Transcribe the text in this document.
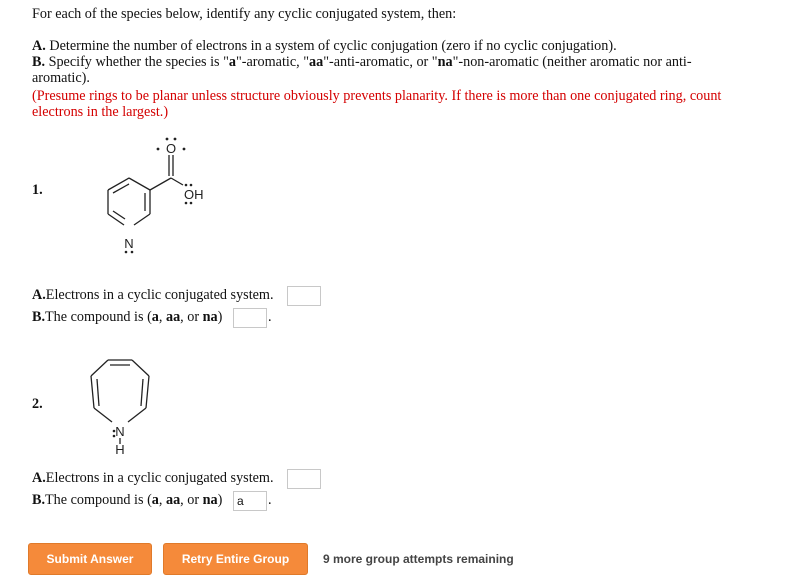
For each of the species below, identify any cyclic conjugated system, then:
A. Determine the number of electrons in a system of cyclic conjugation (zero if no cyclic conjugation).
B. Specify whether the species is "a"-aromatic, "aa"-anti-aromatic, or "na"-non-aromatic (neither aromatic nor anti-
aromatic).
(Presume rings to be planar unless structure obviously prevents planarity. If there is more than one conjugated ring, count
electrons in the largest.)
1.
O
OH
N
A.Electrons in a cyclic conjugated system.
B.The compound is (a, aa, or na)	.
2.
N
H
A.Electrons in a cyclic conjugated system.
B.The compound is (a, aa, or na)	a	.
Submit Answer	Retry Entire Group	9 more group attempts remaining
